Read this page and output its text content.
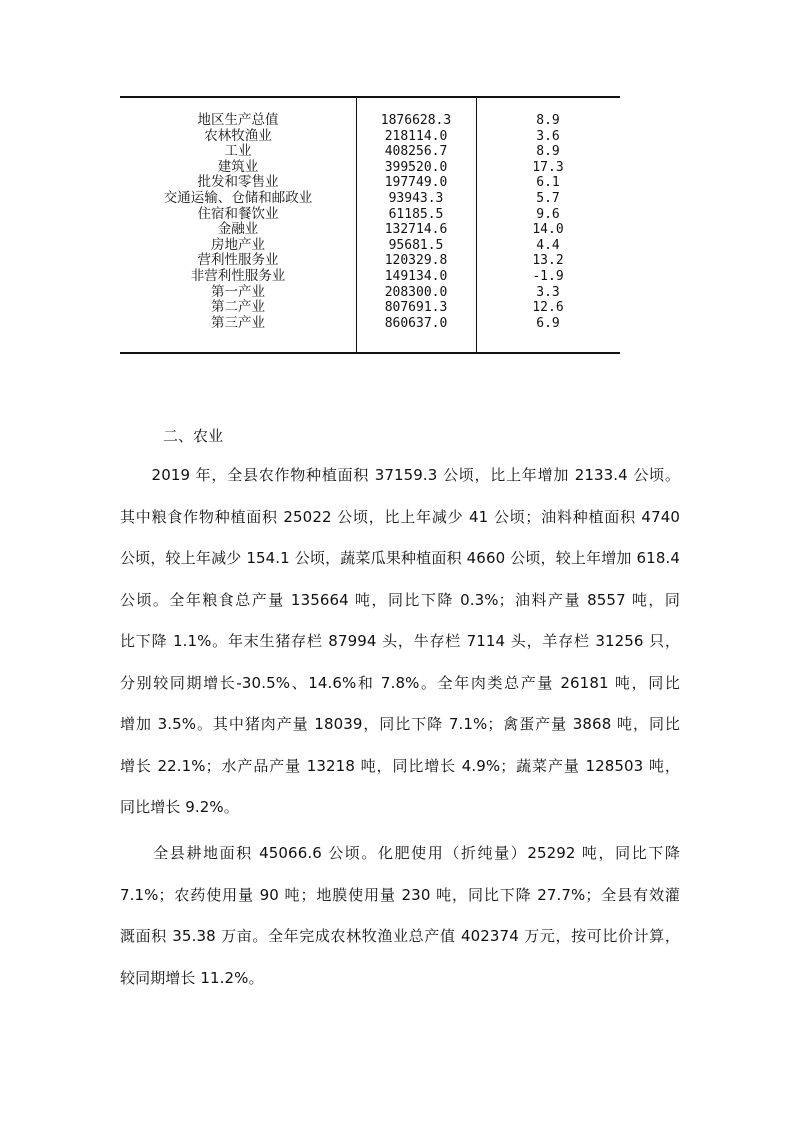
地区生产总值	1876628.3	8.9
农林牧渔业	218114.0	3.6
工业	408256.7	8.9
建筑业	399520.0	17.3
批发和零售业	197749.0	6.1
交通运输、仓储和邮政业	93943.3	5.7
住宿和餐饮业	61185.5	9.6
金融业	132714.6	14.0
房地产业	95681.5	4.4
营利性服务业	120329.8	13.2
非营利性服务业	149134.0	-1.9
第一产业	208300.0	3.3
第二产业	807691.3	12.6
第三产业	860637.0	6.9
二、农业
　　2019 年，全县农作物种植面积 37159.3 公顷，比上年增加 2133.4 公顷。
其中粮食作物种植面积 25022 公顷，比上年减少 41 公顷；油料种植面积 4740
公顷，较上年减少 154.1 公顷，蔬菜瓜果种植面积 4660 公顷，较上年增加 618.4
公顷。全年粮食总产量 135664 吨，同比下降 0.3%；油料产量 8557 吨，同
比下降 1.1%。年末生猪存栏 87994 头，牛存栏 7114 头，羊存栏 31256 只，
分别较同期增长-30.5%、14.6%和 7.8%。全年肉类总产量 26181 吨，同比
增加 3.5%。其中猪肉产量 18039，同比下降 7.1%；禽蛋产量 3868 吨，同比
增长 22.1%；水产品产量 13218 吨，同比增长 4.9%；蔬菜产量 128503 吨，
同比增长 9.2%。
　　全县耕地面积 45066.6 公顷。化肥使用（折纯量）25292 吨，同比下降
7.1%；农药使用量 90 吨；地膜使用量 230 吨，同比下降 27.7%；全县有效灌
溉面积 35.38 万亩。全年完成农林牧渔业总产值 402374 万元，按可比价计算，
较同期增长 11.2%。
